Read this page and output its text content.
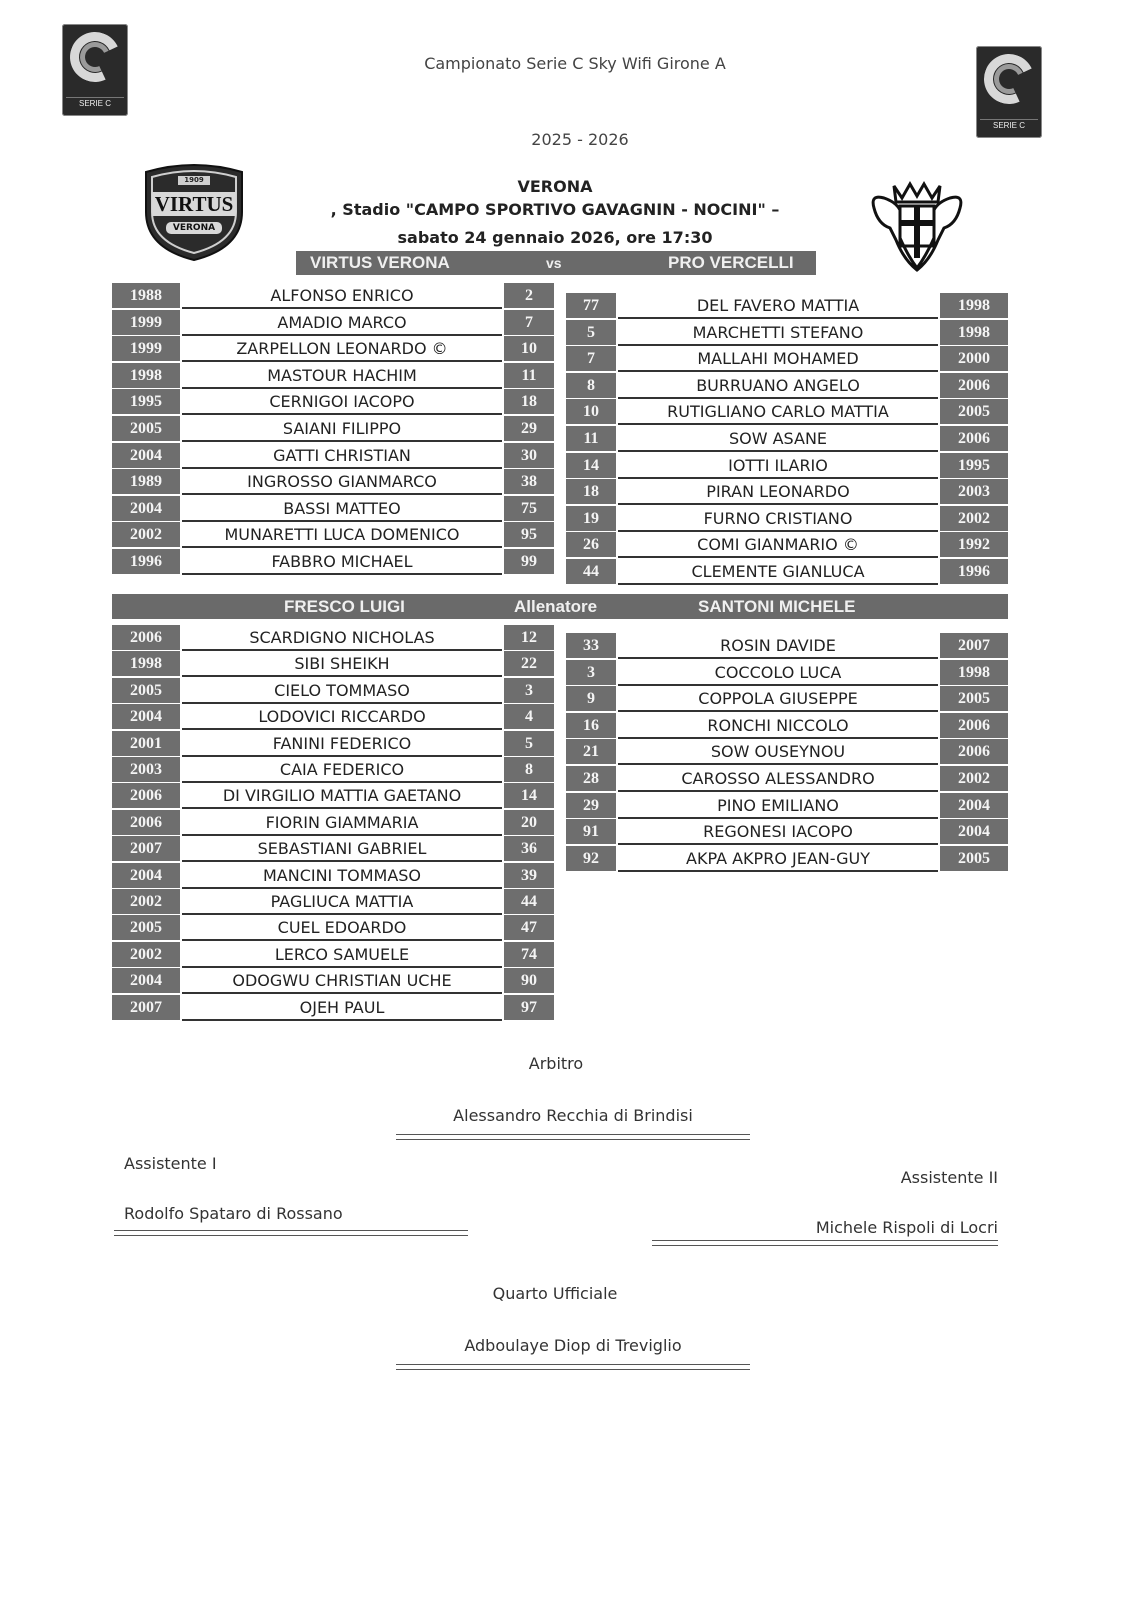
SERIE C
SERIE C
1909
VIRTUS
VERONA
Campionato Serie C Sky Wifi Girone A
2025 - 2026
VERONA
, Stadio "CAMPO SPORTIVO GAVAGNIN - NOCINI" –
sabato 24 gennaio 2026, ore 17:30
VIRTUS VERONA	vs	PRO VERCELLI
1988	ALFONSO ENRICO	2
1999	AMADIO MARCO	7
1999	ZARPELLON LEONARDO ©	10
1998	MASTOUR HACHIM	11
1995	CERNIGOI IACOPO	18
2005	SAIANI FILIPPO	29
2004	GATTI CHRISTIAN	30
1989	INGROSSO GIANMARCO	38
2004	BASSI MATTEO	75
2002	MUNARETTI LUCA DOMENICO	95
1996	FABBRO MICHAEL	99
77	DEL FAVERO MATTIA	1998
5	MARCHETTI STEFANO	1998
7	MALLAHI MOHAMED	2000
8	BURRUANO ANGELO	2006
10	RUTIGLIANO CARLO MATTIA	2005
11	SOW ASANE	2006
14	IOTTI ILARIO	1995
18	PIRAN LEONARDO	2003
19	FURNO CRISTIANO	2002
26	COMI GIANMARIO ©	1992
44	CLEMENTE GIANLUCA	1996
FRESCO LUIGI	Allenatore	SANTONI MICHELE
2006	SCARDIGNO NICHOLAS	12
1998	SIBI SHEIKH	22
2005	CIELO TOMMASO	3
2004	LODOVICI RICCARDO	4
2001	FANINI FEDERICO	5
2003	CAIA FEDERICO	8
2006	DI VIRGILIO MATTIA GAETANO	14
2006	FIORIN GIAMMARIA	20
2007	SEBASTIANI GABRIEL	36
2004	MANCINI TOMMASO	39
2002	PAGLIUCA MATTIA	44
2005	CUEL EDOARDO	47
2002	LERCO SAMUELE	74
2004	ODOGWU CHRISTIAN UCHE	90
2007	OJEH PAUL	97
33	ROSIN DAVIDE	2007
3	COCCOLO LUCA	1998
9	COPPOLA GIUSEPPE	2005
16	RONCHI NICCOLO	2006
21	SOW OUSEYNOU	2006
28	CAROSSO ALESSANDRO	2002
29	PINO EMILIANO	2004
91	REGONESI IACOPO	2004
92	AKPA AKPRO JEAN-GUY	2005
Arbitro
Alessandro Recchia di Brindisi
Assistente I
Assistente II
Rodolfo Spataro di Rossano
Michele Rispoli di Locri
Quarto Ufficiale
Adboulaye Diop di Treviglio
